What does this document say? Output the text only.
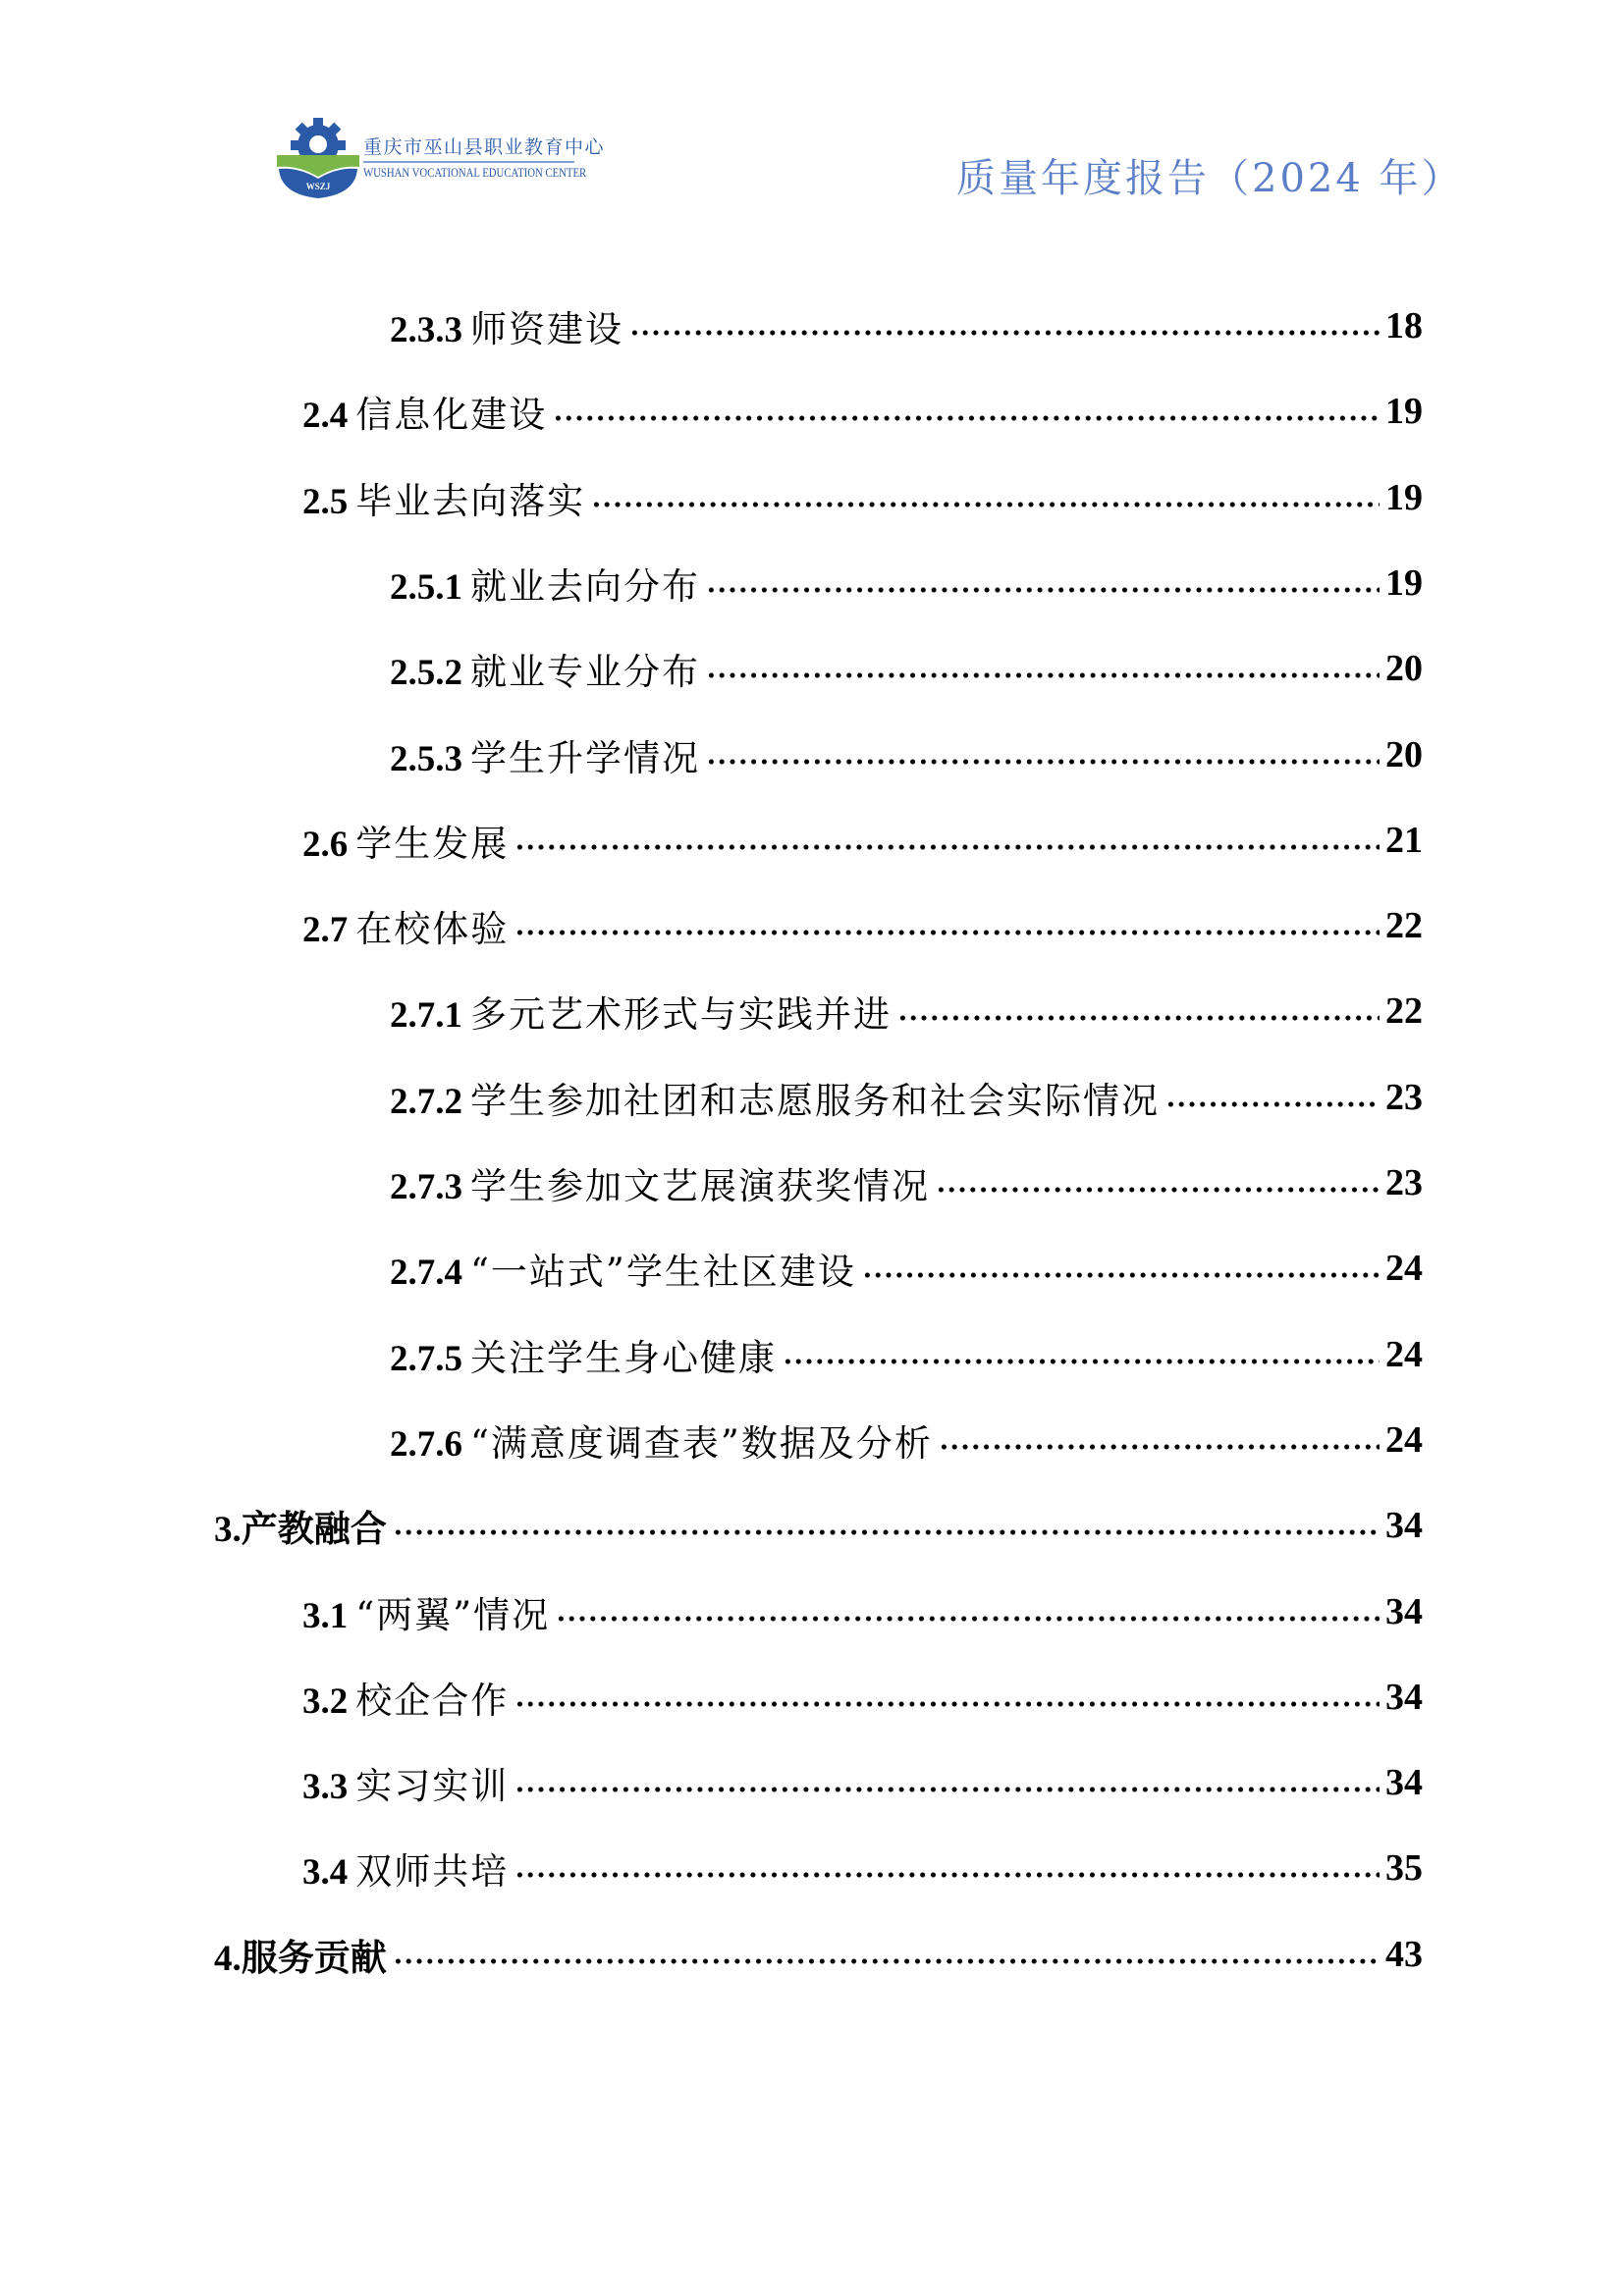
WSZJ
重庆市巫山县职业教育中心
WUSHAN VOCATIONAL EDUCATION CENTER	质量年度报告（2024 年）
2.3.3 师资建设	18
2.4 信息化建设	19
2.5 毕业去向落实	19
2.5.1 就业去向分布	19
2.5.2 就业专业分布	20
2.5.3 学生升学情况	20
2.6 学生发展	21
2.7 在校体验	22
2.7.1 多元艺术形式与实践并进	22
2.7.2 学生参加社团和志愿服务和社会实际情况	23
2.7.3 学生参加文艺展演获奖情况	23
2.7.4 “一站式”学生社区建设	24
2.7.5 关注学生身心健康	24
2.7.6 “满意度调查表”数据及分析	24
3.产教融合	34
3.1 “两翼”情况	34
3.2 校企合作	34
3.3 实习实训	34
3.4 双师共培	35
4.服务贡献	43
